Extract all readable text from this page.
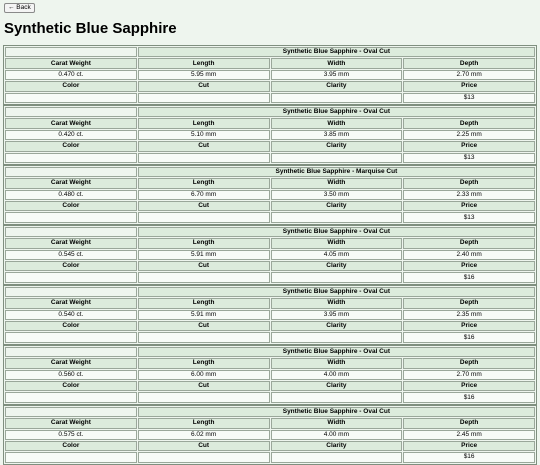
← Back
Synthetic Blue Sapphire
	Synthetic Blue Sapphire - Oval Cut		
Carat Weight	Length	Width	Depth
0.470 ct.	5.95 mm	3.95 mm	2.70 mm
Color	Cut	Clarity	Price
			$13
	Synthetic Blue Sapphire - Oval Cut		
Carat Weight	Length	Width	Depth
0.420 ct.	5.10 mm	3.85 mm	2.25 mm
Color	Cut	Clarity	Price
			$13
	Synthetic Blue Sapphire - Marquise Cut		
Carat Weight	Length	Width	Depth
0.480 ct.	6.70 mm	3.50 mm	2.33 mm
Color	Cut	Clarity	Price
			$13
	Synthetic Blue Sapphire - Oval Cut		
Carat Weight	Length	Width	Depth
0.545 ct.	5.91 mm	4.05 mm	2.40 mm
Color	Cut	Clarity	Price
			$16
	Synthetic Blue Sapphire - Oval Cut		
Carat Weight	Length	Width	Depth
0.540 ct.	5.91 mm	3.95 mm	2.35 mm
Color	Cut	Clarity	Price
			$16
	Synthetic Blue Sapphire - Oval Cut		
Carat Weight	Length	Width	Depth
0.560 ct.	6.00 mm	4.00 mm	2.70 mm
Color	Cut	Clarity	Price
			$16
	Synthetic Blue Sapphire - Oval Cut		
Carat Weight	Length	Width	Depth
0.575 ct.	6.02 mm	4.00 mm	2.45 mm
Color	Cut	Clarity	Price
			$16
